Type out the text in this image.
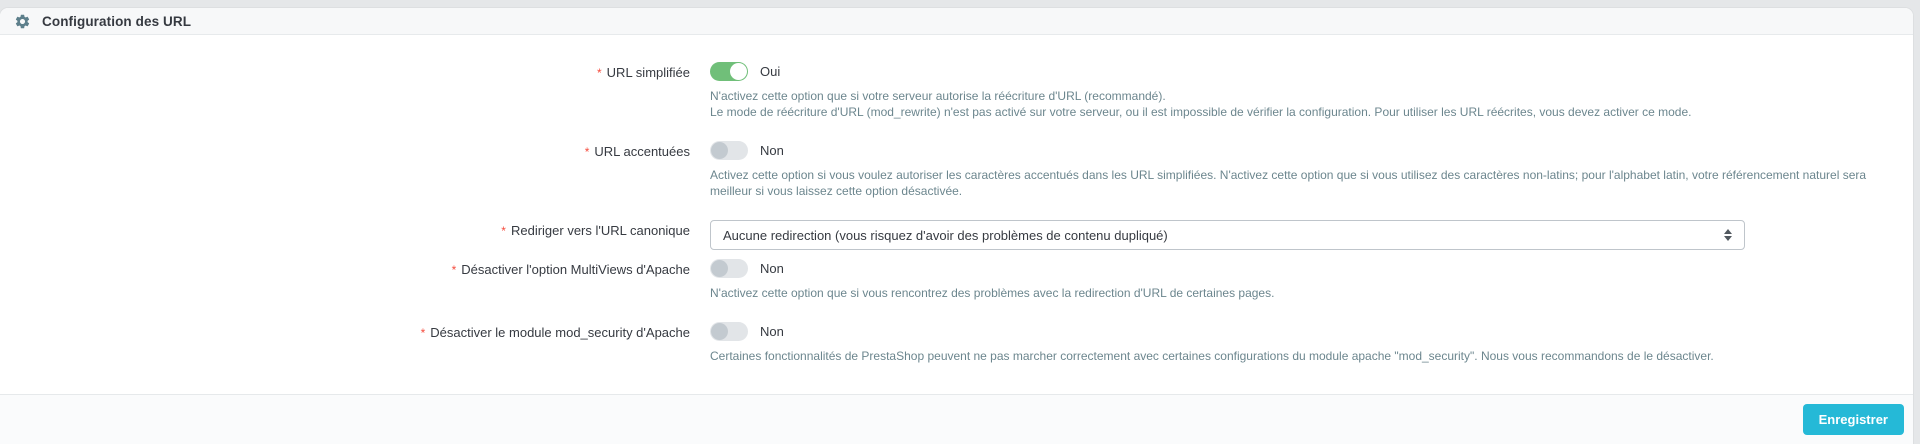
Configuration des URL
* URL simplifiée	Oui
N'activez cette option que si votre serveur autorise la réécriture d'URL (recommandé).
Le mode de réécriture d'URL (mod_rewrite) n'est pas activé sur votre serveur, ou il est impossible de vérifier la configuration. Pour utiliser les URL réécrites, vous devez activer ce mode.
* URL accentuées	Non
Activez cette option si vous voulez autoriser les caractères accentués dans les URL simplifiées. N'activez cette option que si vous utilisez des caractères non-latins; pour l'alphabet latin, votre référencement naturel sera meilleur si vous laissez cette option désactivée.
* Rediriger vers l'URL canonique	Aucune redirection (vous risquez d'avoir des problèmes de contenu dupliqué)
* Désactiver l'option MultiViews d'Apache	Non
N'activez cette option que si vous rencontrez des problèmes avec la redirection d'URL de certaines pages.
* Désactiver le module mod_security d'Apache	Non
Certaines fonctionnalités de PrestaShop peuvent ne pas marcher correctement avec certaines configurations du module apache "mod_security". Nous vous recommandons de le désactiver.
Enregistrer
